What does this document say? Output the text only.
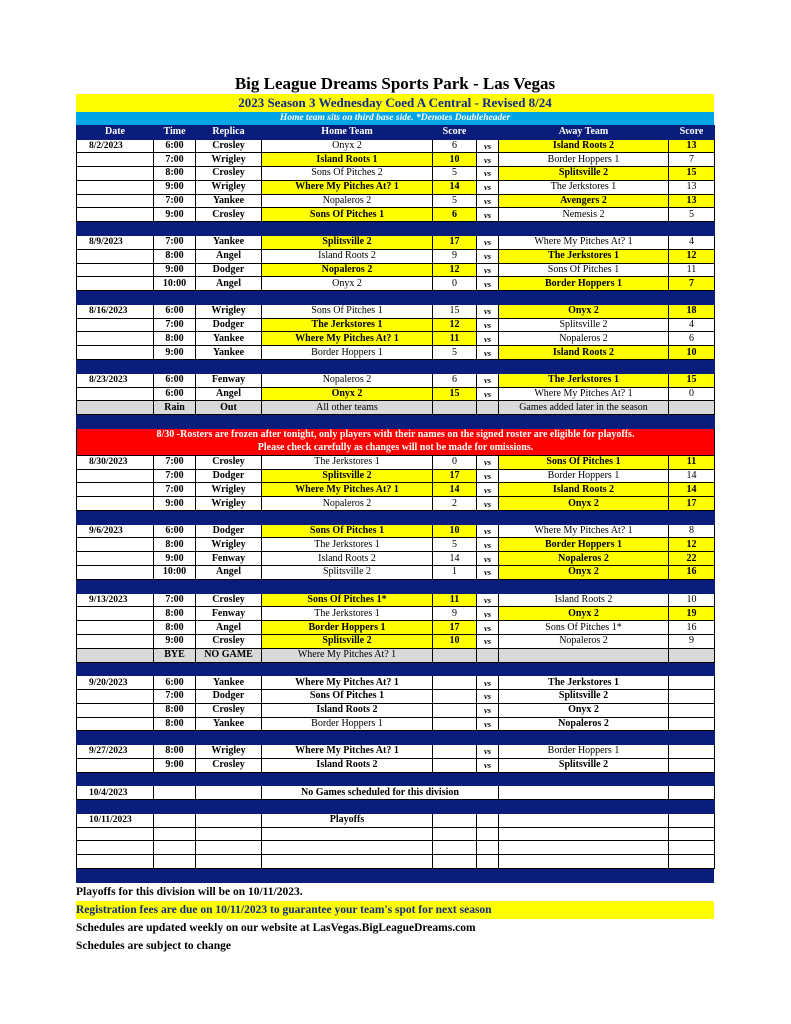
Big League Dreams Sports Park - Las Vegas
2023 Season 3 Wednesday Coed A Central - Revised 8/24
Home team sits on third base side. *Denotes Doubleheader
Date	Time	Replica	Home Team	Score		Away Team	Score
8/2/2023	6:00	Crosley	Onyx 2	6	vs	Island Roots 2	13
	7:00	Wrigley	Island Roots 1	10	vs	Border Hoppers 1	7
	8:00	Crosley	Sons Of Pitches 2	5	vs	Splitsville 2	15
	9:00	Wrigley	Where My Pitches At? 1	14	vs	The Jerkstores 1	13
	7:00	Yankee	Nopaleros 2	5	vs	Avengers 2	13
	9:00	Crosley	Sons Of Pitches 1	6	vs	Nemesis 2	5

8/9/2023	7:00	Yankee	Splitsville 2	17	vs	Where My Pitches At? 1	4
	8:00	Angel	Island Roots 2	9	vs	The Jerkstores 1	12
	9:00	Dodger	Nopaleros 2	12	vs	Sons Of Pitches 1	11
	10:00	Angel	Onyx 2	0	vs	Border Hoppers 1	7

8/16/2023	6:00	Wrigley	Sons Of Pitches 1	15	vs	Onyx 2	18
	7:00	Dodger	The Jerkstores 1	12	vs	Splitsville 2	4
	8:00	Yankee	Where My Pitches At? 1	11	vs	Nopaleros 2	6
	9:00	Yankee	Border Hoppers 1	5	vs	Island Roots 2	10

8/23/2023	6:00	Fenway	Nopaleros 2	6	vs	The Jerkstores 1	15
	6:00	Angel	Onyx 2	15	vs	Where My Pitches At? 1	0
	Rain	Out	All other teams			Games added later in the season	

8/30 -Rosters are frozen after tonight, only players with their names on the signed roster are eligible for playoffs.
Please check carefully as changes will not be made for omissions.							

8/30/2023	7:00	Crosley	The Jerkstores 1	0	vs	Sons Of Pitches 1	11
	7:00	Dodger	Splitsville 2	17	vs	Border Hoppers 1	14
	7:00	Wrigley	Where My Pitches At? 1	14	vs	Island Roots 2	14
	9:00	Wrigley	Nopaleros 2	2	vs	Onyx 2	17

9/6/2023	6:00	Dodger	Sons Of Pitches 1	10	vs	Where My Pitches At? 1	8
	8:00	Wrigley	The Jerkstores 1	5	vs	Border Hoppers 1	12
	9:00	Fenway	Island Roots 2	14	vs	Nopaleros 2	22
	10:00	Angel	Splitsville 2	1	vs	Onyx 2	16

9/13/2023	7:00	Crosley	Sons Of Pitches 1*	11	vs	Island Roots 2	10
	8:00	Fenway	The Jerkstores 1	9	vs	Onyx 2	19
	8:00	Angel	Border Hoppers 1	17	vs	Sons Of Pitches 1*	16
	9:00	Crosley	Splitsville 2	10	vs	Nopaleros 2	9
	BYE	NO GAME	Where My Pitches At? 1				

9/20/2023	6:00	Yankee	Where My Pitches At? 1		vs	The Jerkstores 1	
	7:00	Dodger	Sons Of Pitches 1		vs	Splitsville 2	
	8:00	Crosley	Island Roots 2		vs	Onyx 2	
	8:00	Yankee	Border Hoppers 1		vs	Nopaleros 2	

9/27/2023	8:00	Wrigley	Where My Pitches At? 1		vs	Border Hoppers 1	
	9:00	Crosley	Island Roots 2		vs	Splitsville 2	

10/4/2023			No Games scheduled for this division				

10/11/2023			Playoffs				

Playoffs for this division will be on 10/11/2023.
Registration fees are due on 10/11/2023 to guarantee your team's spot for next season
Schedules are updated weekly on our website at LasVegas.BigLeagueDreams.com
Schedules are subject to change
